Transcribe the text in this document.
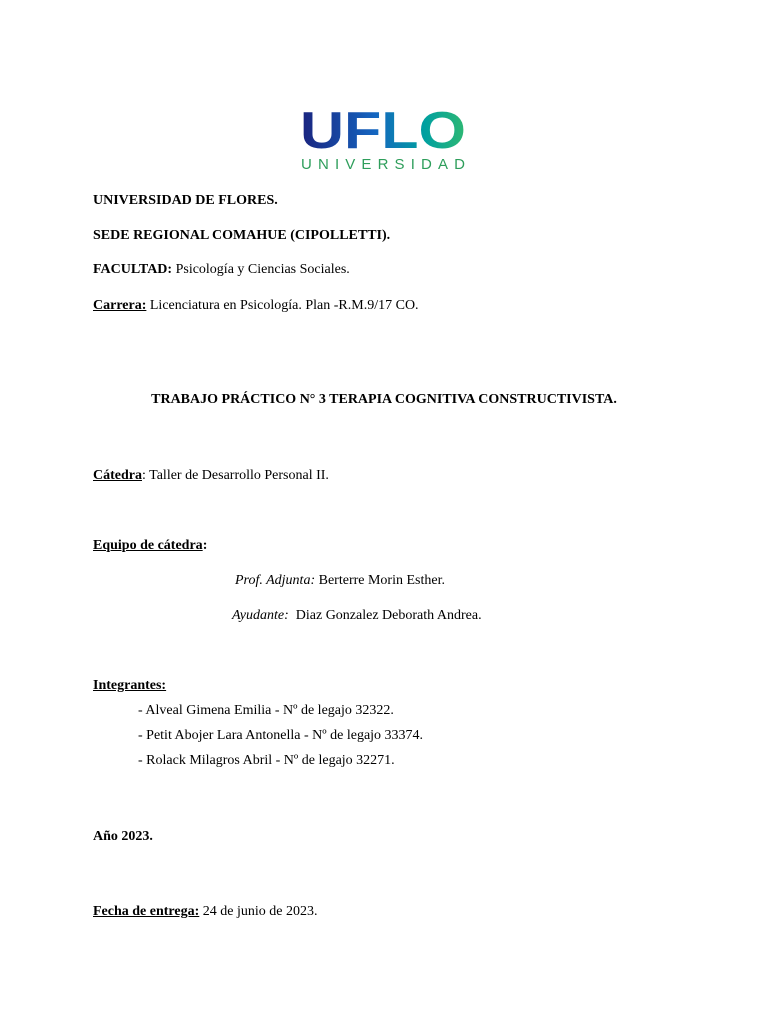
UFLO
UNIVERSIDAD
UNIVERSIDAD DE FLORES.
SEDE REGIONAL COMAHUE (CIPOLLETTI).
FACULTAD: Psicología y Ciencias Sociales.
Carrera: Licenciatura en Psicología. Plan -R.M.9/17 CO.
TRABAJO PRÁCTICO N° 3 TERAPIA COGNITIVA CONSTRUCTIVISTA.
Cátedra: Taller de Desarrollo Personal II.
Equipo de cátedra:
Prof. Adjunta: Berterre Morin Esther.
Ayudante:  Diaz Gonzalez Deborath Andrea.
Integrantes:
- Alveal Gimena Emilia - Nº de legajo 32322.
- Petit Abojer Lara Antonella - Nº de legajo 33374.
- Rolack Milagros Abril - Nº de legajo 32271.
Año 2023.
Fecha de entrega: 24 de junio de 2023.
